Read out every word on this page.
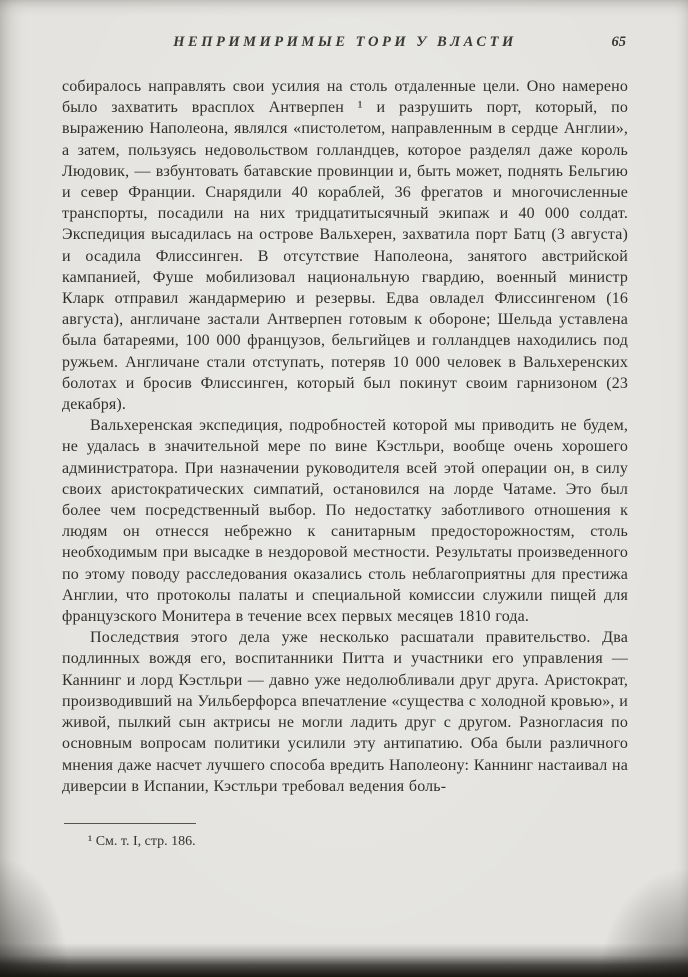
НЕПРИМИРИМЫЕ ТОРИ У ВЛАСТИ	65

собиралось направлять свои усилия на столь отдаленные цели. Оно намерено было захватить врасплох Антверпен ¹ и разрушить порт, который, по выражению Наполеона, являлся «пистолетом, направленным в сердце Англии», а затем, пользуясь недовольством голландцев, которое разделял даже король Людовик, — взбунтовать батавские провинции и, быть может, поднять Бельгию и север Франции. Снарядили 40 кораблей, 36 фрегатов и многочисленные транспорты, посадили на них тридцатитысячный экипаж и 40 000 солдат. Экспедиция высадилась на острове Вальхерен, захватила порт Батц (3 августа) и осадила Флиссинген. В отсутствие Наполеона, занятого австрийской кампанией, Фуше мобилизовал национальную гвардию, военный министр Кларк отправил жандармерию и резервы. Едва овладел Флиссингеном (16 августа), англичане застали Антверпен готовым к обороне; Шельда уставлена была батареями, 100 000 французов, бельгийцев и голландцев находились под ружьем. Англичане стали отступать, потеряв 10 000 человек в Вальхеренских болотах и бросив Флиссинген, который был покинут своим гарнизоном (23 декабря).

Вальхеренская экспедиция, подробностей которой мы приводить не будем, не удалась в значительной мере по вине Кэстльри, вообще очень хорошего администратора. При назначении руководителя всей этой операции он, в силу своих аристократических симпатий, остановился на лорде Чатаме. Это был более чем посредственный выбор. По недостатку заботливого отношения к людям он отнесся небрежно к санитарным предосторожностям, столь необходимым при высадке в нездоровой местности. Результаты произведенного по этому поводу расследования оказались столь неблагоприятны для престижа Англии, что протоколы палаты и специальной комиссии служили пищей для французского Монитера в течение всех первых месяцев 1810 года.

Последствия этого дела уже несколько расшатали правительство. Два подлинных вождя его, воспитанники Питта и участники его управления — Каннинг и лорд Кэстльри — давно уже недолюбливали друг друга. Аристократ, производивший на Уильберфорса впечатление «существа с холодной кровью», и живой, пылкий сын актрисы не могли ладить друг с другом. Разногласия по основным вопросам политики усилили эту антипатию. Оба были различного мнения даже насчет лучшего способа вредить Наполеону: Каннинг настаивал на диверсии в Испании, Кэстльри требовал ведения боль-

¹ См. т. I, стр. 186.
